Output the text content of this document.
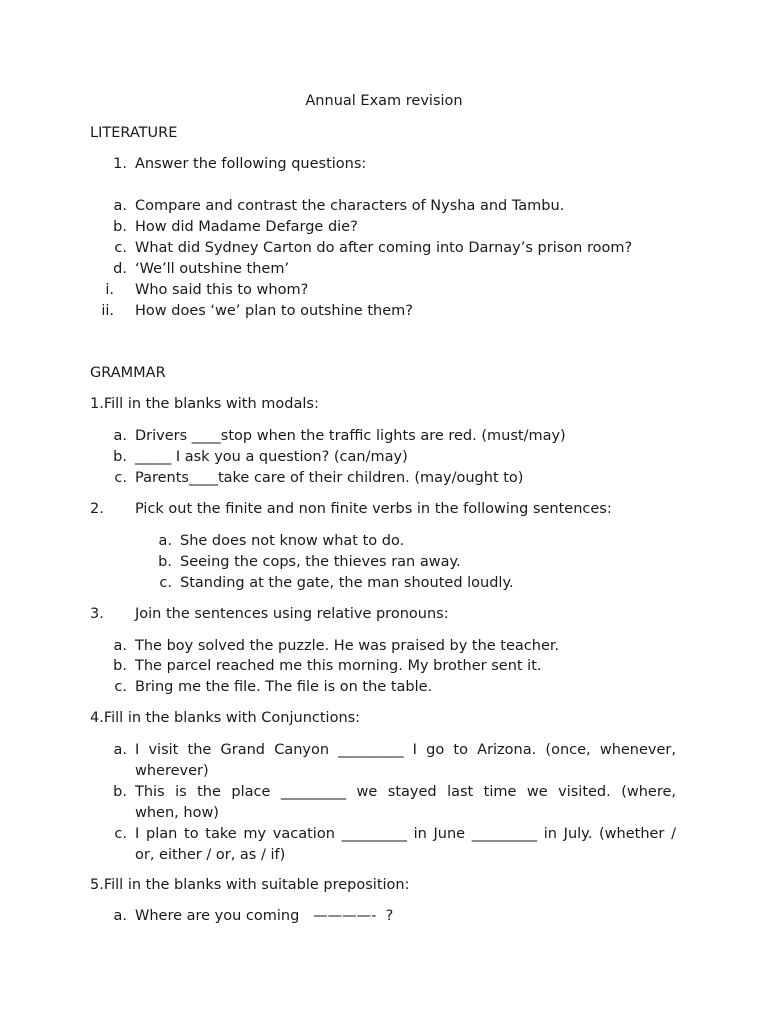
Annual Exam revision
LITERATURE
1. Answer the following questions:
a. Compare and contrast the characters of Nysha and Tambu.
b. How did Madame Defarge die?
c. What did Sydney Carton do after coming into Darnay’s prison room?
d. ‘We’ll outshine them’
i. Who said this to whom?
ii. How does ‘we’ plan to outshine them?
GRAMMAR
1.Fill in the blanks with modals:
a. Drivers ____stop when the traffic lights are red. (must/may)
b. _____ I ask you a question? (can/may)
c. Parents____take care of their children. (may/ought to)
2. Pick out the finite and non finite verbs in the following sentences:
a. She does not know what to do.
b. Seeing the cops, the thieves ran away.
c. Standing at the gate, the man shouted loudly.
3. Join the sentences using relative pronouns:
a. The boy solved the puzzle. He was praised by the teacher.
b. The parcel reached me this morning. My brother sent it.
c. Bring me the file. The file is on the table.
4.Fill in the blanks with Conjunctions:
a. I visit the Grand Canyon _________ I go to Arizona. (once, whenever,
wherever)
b. This is the place _________ we stayed last time we visited. (where,
when, how)
c. I plan to take my vacation _________ in June _________ in July. (whether /
or, either / or, as / if)
5.Fill in the blanks with suitable preposition:
a. Where are you coming   ————-  ?
